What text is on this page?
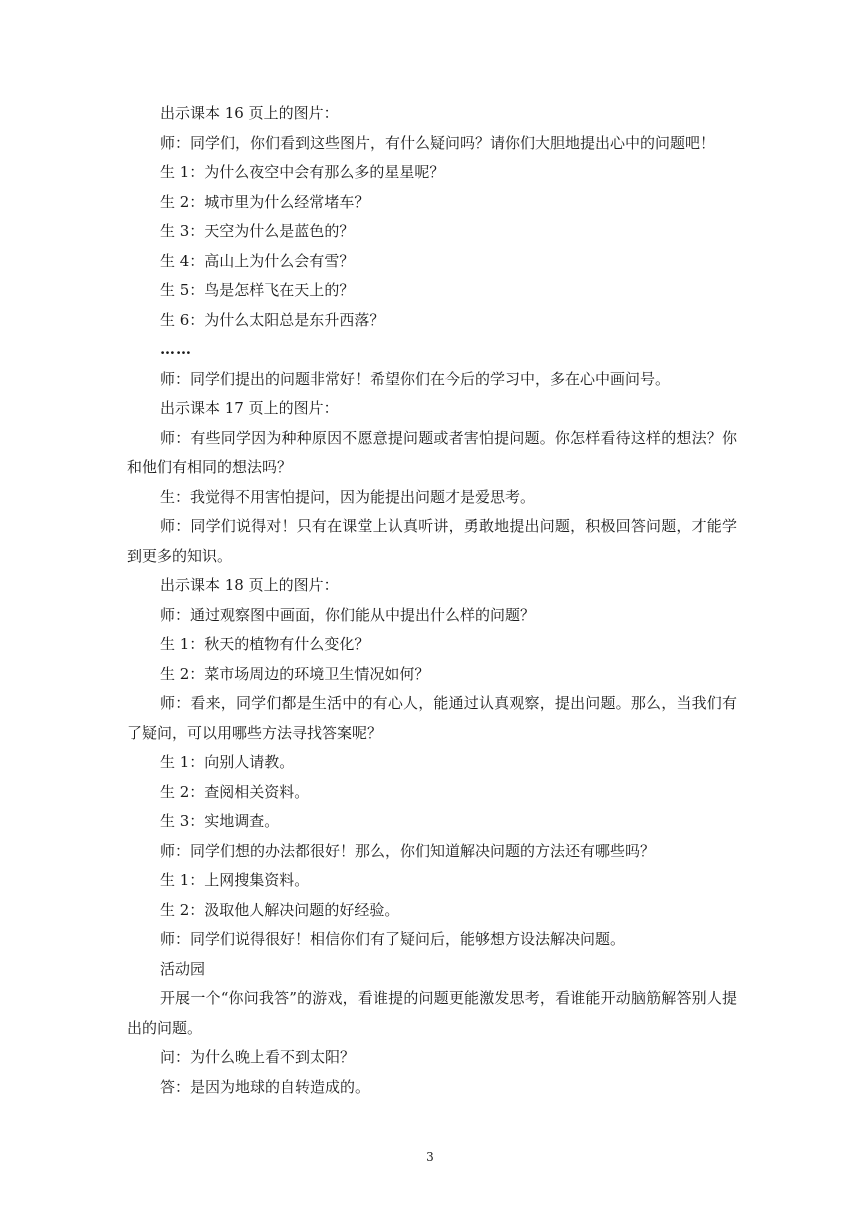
出示课本 16 页上的图片：

师：同学们，你们看到这些图片，有什么疑问吗？请你们大胆地提出心中的问题吧！

生 1：为什么夜空中会有那么多的星星呢？

生 2：城市里为什么经常堵车？

生 3：天空为什么是蓝色的？

生 4：高山上为什么会有雪？

生 5：鸟是怎样飞在天上的？

生 6：为什么太阳总是东升西落？

……

师：同学们提出的问题非常好！希望你们在今后的学习中，多在心中画问号。

出示课本 17 页上的图片：

师：有些同学因为种种原因不愿意提问题或者害怕提问题。你怎样看待这样的想法？你和他们有相同的想法吗？

生：我觉得不用害怕提问，因为能提出问题才是爱思考。

师：同学们说得对！只有在课堂上认真听讲，勇敢地提出问题，积极回答问题，才能学到更多的知识。

出示课本 18 页上的图片：

师：通过观察图中画面，你们能从中提出什么样的问题？

生 1：秋天的植物有什么变化？

生 2：菜市场周边的环境卫生情况如何？

师：看来，同学们都是生活中的有心人，能通过认真观察，提出问题。那么，当我们有了疑问，可以用哪些方法寻找答案呢？

生 1：向别人请教。

生 2：查阅相关资料。

生 3：实地调查。

师：同学们想的办法都很好！那么，你们知道解决问题的方法还有哪些吗？

生 1：上网搜集资料。

生 2：汲取他人解决问题的好经验。

师：同学们说得很好！相信你们有了疑问后，能够想方设法解决问题。

活动园

开展一个“你问我答”的游戏，看谁提的问题更能激发思考，看谁能开动脑筋解答别人提出的问题。

问：为什么晚上看不到太阳？

答：是因为地球的自转造成的。

3
